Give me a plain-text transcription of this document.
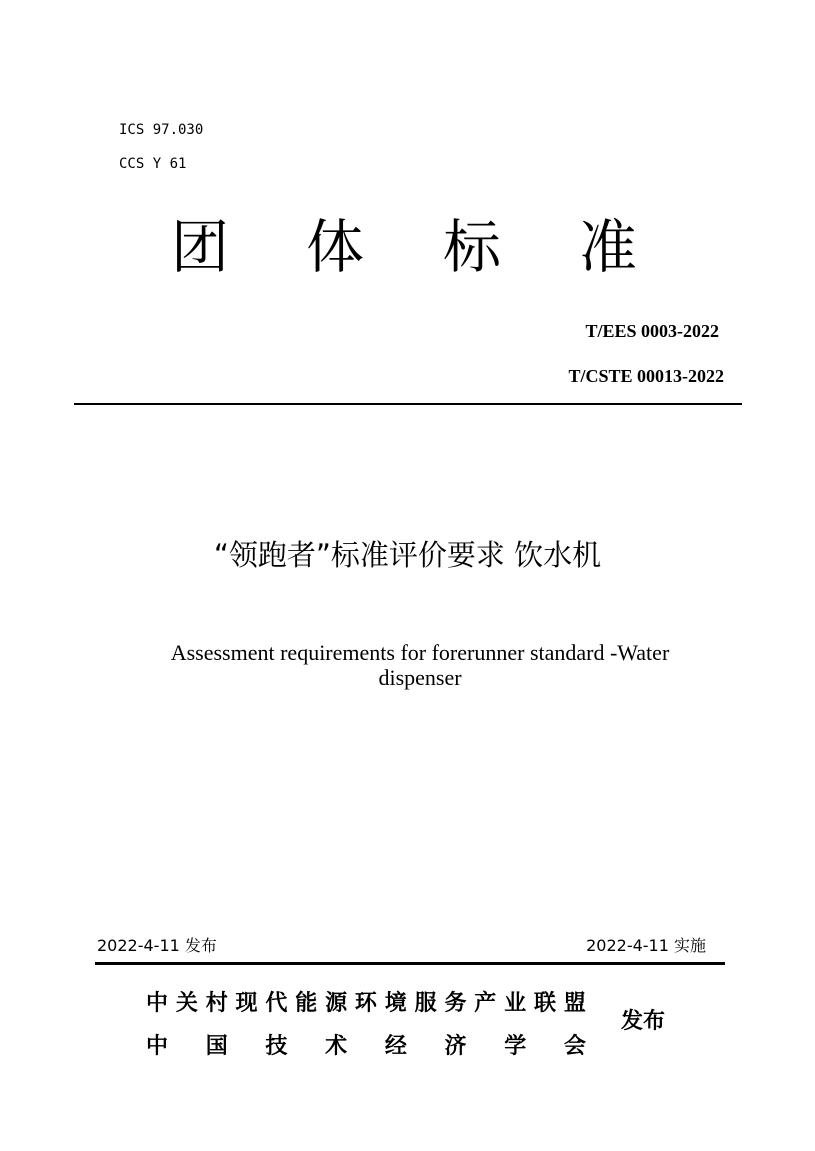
ICS 97.030
CCS Y 61
团 体 标 准
T/EES 0003-2022
T/CSTE 00013-2022
“领跑者”标准评价要求 饮水机
Assessment requirements for forerunner standard -Water
dispenser
2022-4-11 发布	2022-4-11 实施
中 关 村 现 代 能 源 环 境 服 务 产 业 联 盟
中 国 技 术 经 济 学 会
发布
